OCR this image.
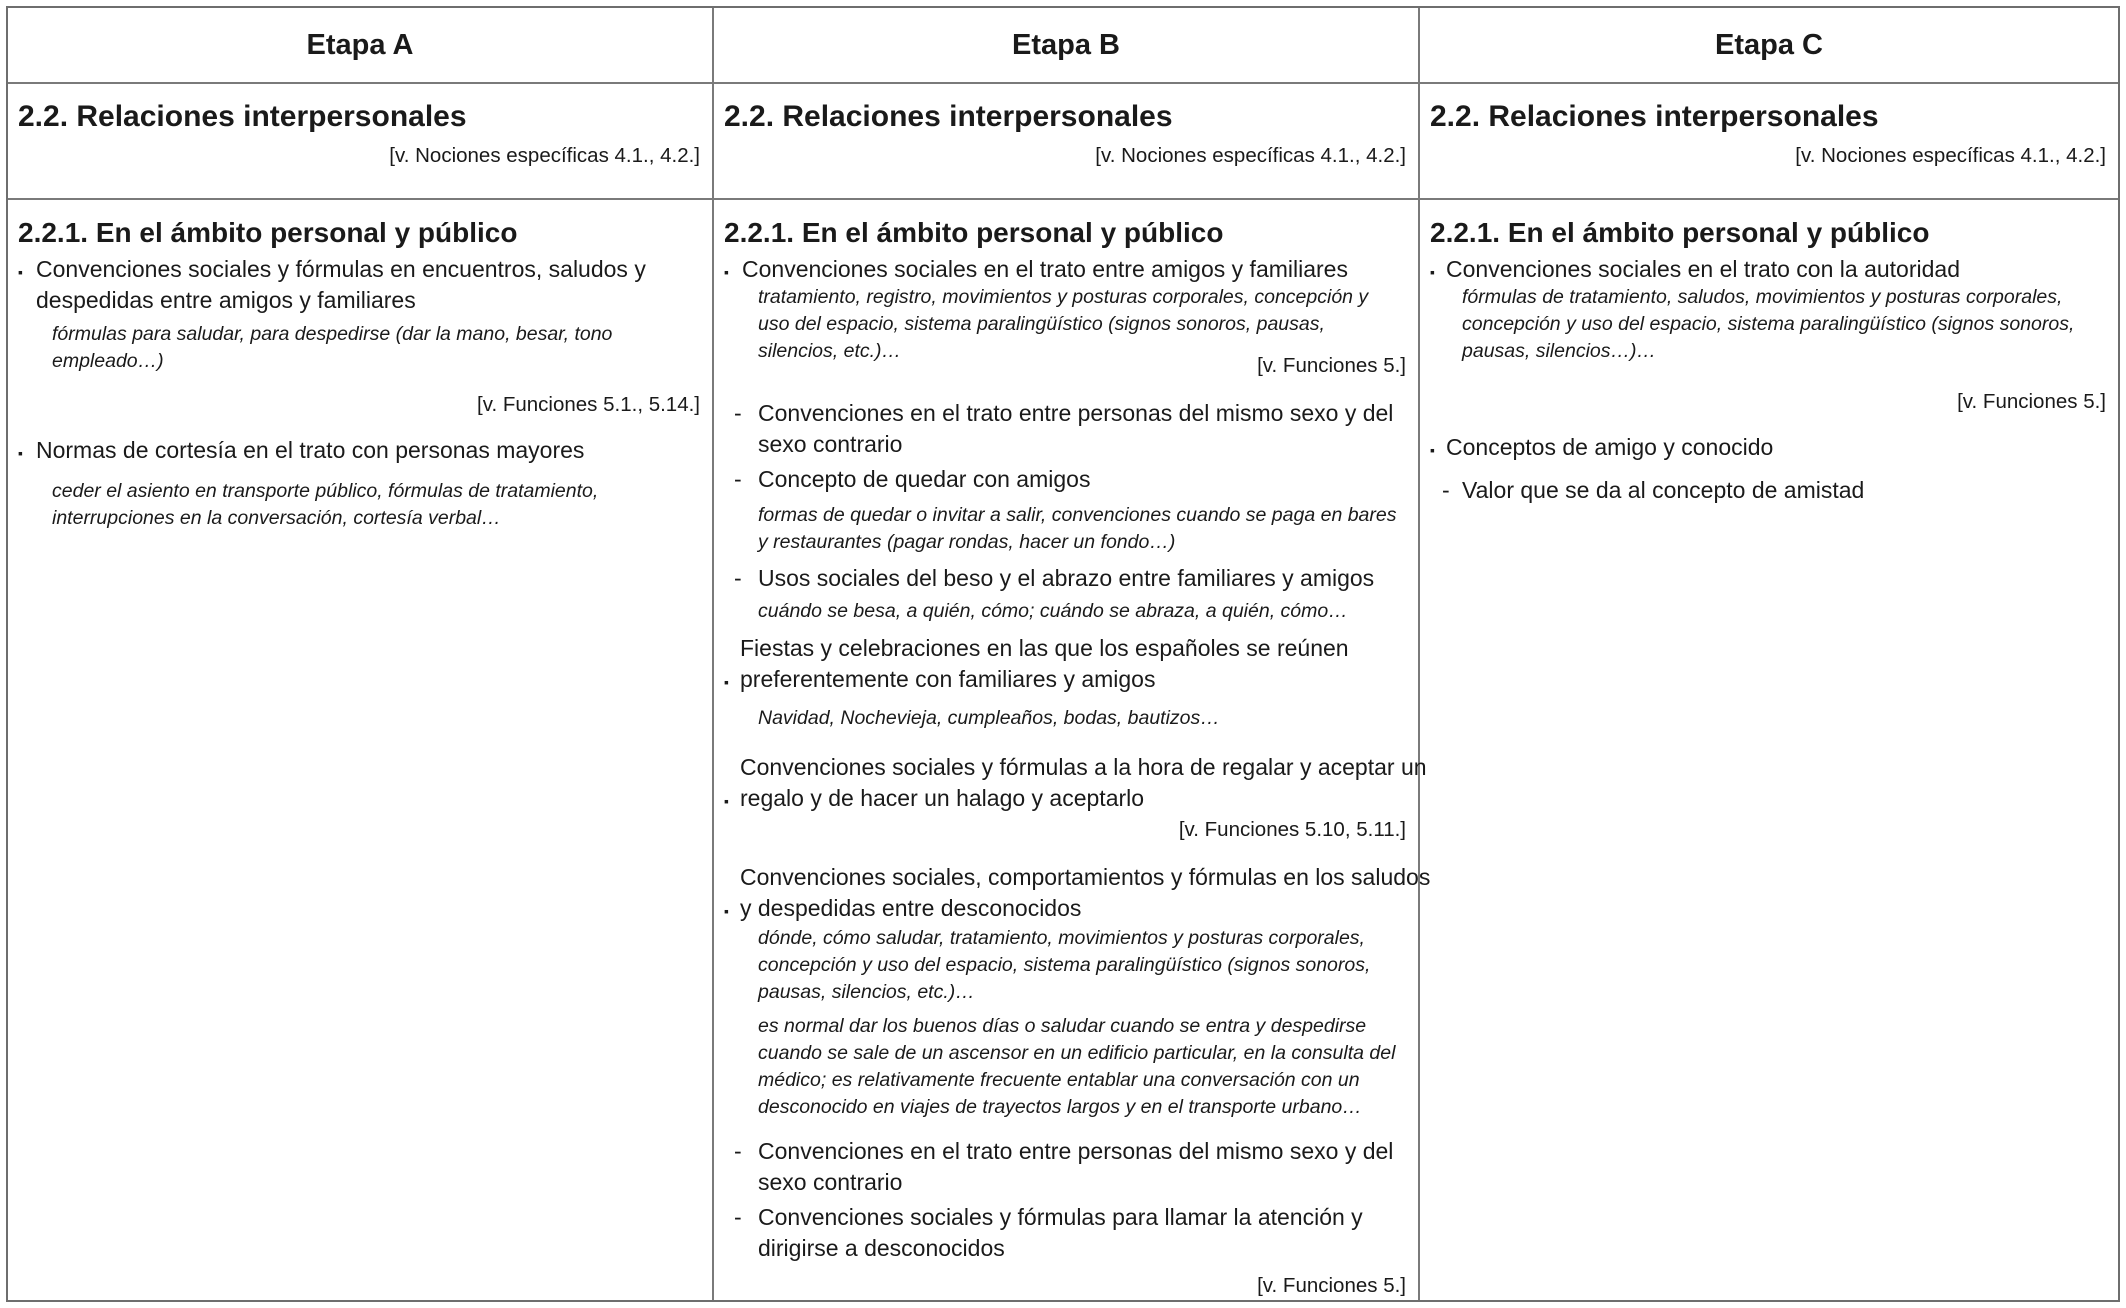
Etapa A
2.2. Relaciones interpersonales
[v. Nociones específicas 4.1., 4.2.]
2.2.1. En el ámbito personal y público
▪ Convenciones sociales y fórmulas en encuentros, saludos y
despedidas entre amigos y familiares
fórmulas para saludar, para despedirse (dar la mano, besar, tono
empleado…)
[v. Funciones 5.1., 5.14.]
▪ Normas de cortesía en el trato con personas mayores
ceder el asiento en transporte público, fórmulas de tratamiento,
interrupciones en la conversación, cortesía verbal…
Etapa B
2.2. Relaciones interpersonales
[v. Nociones específicas 4.1., 4.2.]
2.2.1. En el ámbito personal y público
▪ Convenciones sociales en el trato entre amigos y familiares
tratamiento, registro, movimientos y posturas corporales, concepción y
uso del espacio, sistema paralingüístico (signos sonoros, pausas,
silencios, etc.)…
[v. Funciones 5.]
- Convenciones en el trato entre personas del mismo sexo y del
sexo contrario
- Concepto de quedar con amigos
formas de quedar o invitar a salir, convenciones cuando se paga en bares
y restaurantes (pagar rondas, hacer un fondo…)
- Usos sociales del beso y el abrazo entre familiares y amigos
cuándo se besa, a quién, cómo; cuándo se abraza, a quién, cómo…
Fiestas y celebraciones en las que los españoles se reúnen
▪ preferentemente con familiares y amigos
Navidad, Nochevieja, cumpleaños, bodas, bautizos…
Convenciones sociales y fórmulas a la hora de regalar y aceptar un
▪ regalo y de hacer un halago y aceptarlo
[v. Funciones 5.10, 5.11.]
Convenciones sociales, comportamientos y fórmulas en los saludos
▪ y despedidas entre desconocidos
dónde, cómo saludar, tratamiento, movimientos y posturas corporales,
concepción y uso del espacio, sistema paralingüístico (signos sonoros,
pausas, silencios, etc.)…
es normal dar los buenos días o saludar cuando se entra y despedirse
cuando se sale de un ascensor en un edificio particular, en la consulta del
médico; es relativamente frecuente entablar una conversación con un
desconocido en viajes de trayectos largos y en el transporte urbano…
- Convenciones en el trato entre personas del mismo sexo y del
sexo contrario
- Convenciones sociales y fórmulas para llamar la atención y
dirigirse a desconocidos
[v. Funciones 5.]
Etapa C
2.2. Relaciones interpersonales
[v. Nociones específicas 4.1., 4.2.]
2.2.1. En el ámbito personal y público
▪ Convenciones sociales en el trato con la autoridad
fórmulas de tratamiento, saludos, movimientos y posturas corporales,
concepción y uso del espacio, sistema paralingüístico (signos sonoros,
pausas, silencios…)…
[v. Funciones 5.]
▪ Conceptos de amigo y conocido
- Valor que se da al concepto de amistad
